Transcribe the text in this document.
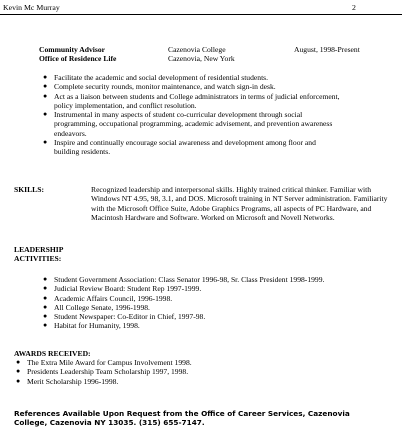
Kevin Mc Murray	2
Community Advisor
Office of Residence Life
Cazenovia College
Cazenovia, New York
August, 1998-Present
● Facilitate the academic and social development of residential students.
● Complete security rounds, monitor maintenance, and watch sign-in desk.
● Act as a liaison between students and College administrators in terms of judicial enforcement, policy implementation, and conflict resolution.
● Instrumental in many aspects of student co-curricular development through social programming, occupational programming, academic advisement, and prevention awareness endeavors.
● Inspire and continually encourage social awareness and development among floor and building residents.
SKILLS:	Recognized leadership and interpersonal skills. Highly trained critical thinker. Familiar with Windows NT 4.95, 98, 3.1, and DOS. Microsoft training in NT Server administration. Familiarity with the Microsoft Office Suite, Adobe Graphics Programs, all aspects of PC Hardware, and Macintosh Hardware and Software. Worked on Microsoft and Novell Networks.
LEADERSHIP
ACTIVITIES:
● Student Government Association: Class Senator 1996-98, Sr. Class President 1998-1999.
● Judicial Review Board: Student Rep 1997-1999.
● Academic Affairs Council, 1996-1998.
● All College Senate, 1996-1998.
● Student Newspaper: Co-Editor in Chief, 1997-98.
● Habitat for Humanity, 1998.
AWARDS RECEIVED:
● The Extra Mile Award for Campus Involvement 1998.
● Presidents Leadership Team Scholarship 1997, 1998.
● Merit Scholarship 1996-1998.
References Available Upon Request from the Office of Career Services, Cazenovia
College, Cazenovia NY 13035. (315) 655-7147.
